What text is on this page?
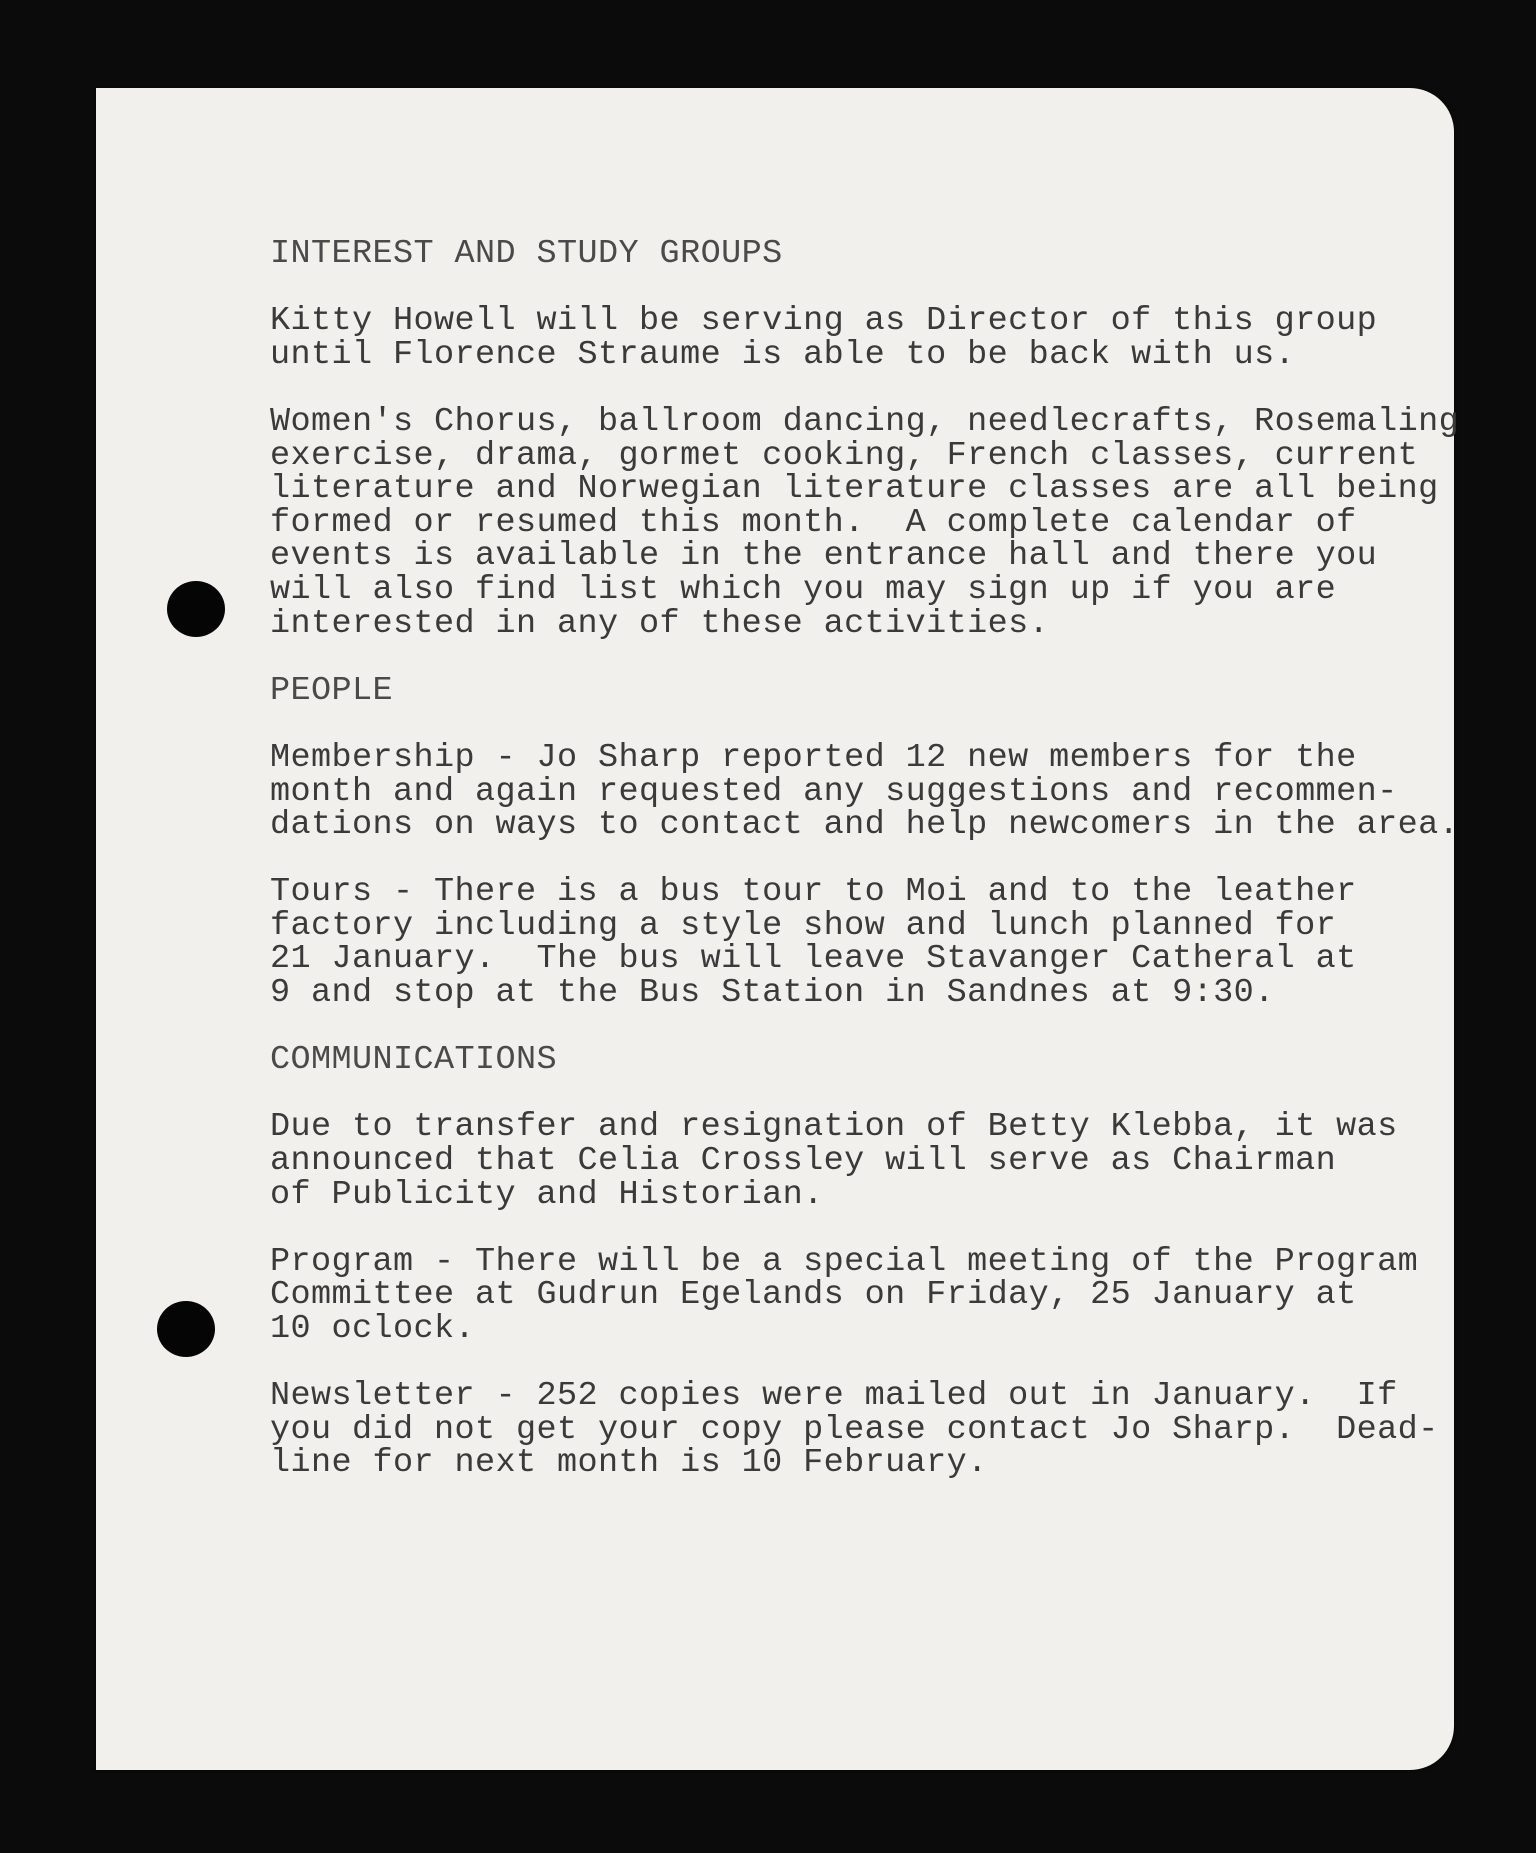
INTEREST AND STUDY GROUPS

Kitty Howell will be serving as Director of this group
until Florence Straume is able to be back with us.

Women's Chorus, ballroom dancing, needlecrafts, Rosemaling
exercise, drama, gormet cooking, French classes, current
literature and Norwegian literature classes are all being
formed or resumed this month.  A complete calendar of
events is available in the entrance hall and there you
will also find list which you may sign up if you are
interested in any of these activities.

PEOPLE

Membership - Jo Sharp reported 12 new members for the
month and again requested any suggestions and recommen-
dations on ways to contact and help newcomers in the area.

Tours - There is a bus tour to Moi and to the leather
factory including a style show and lunch planned for
21 January.  The bus will leave Stavanger Catheral at
9 and stop at the Bus Station in Sandnes at 9:30.

COMMUNICATIONS

Due to transfer and resignation of Betty Klebba, it was
announced that Celia Crossley will serve as Chairman
of Publicity and Historian.

Program - There will be a special meeting of the Program
Committee at Gudrun Egelands on Friday, 25 January at
10 oclock.

Newsletter - 252 copies were mailed out in January.  If
you did not get your copy please contact Jo Sharp.  Dead-
line for next month is 10 February.
